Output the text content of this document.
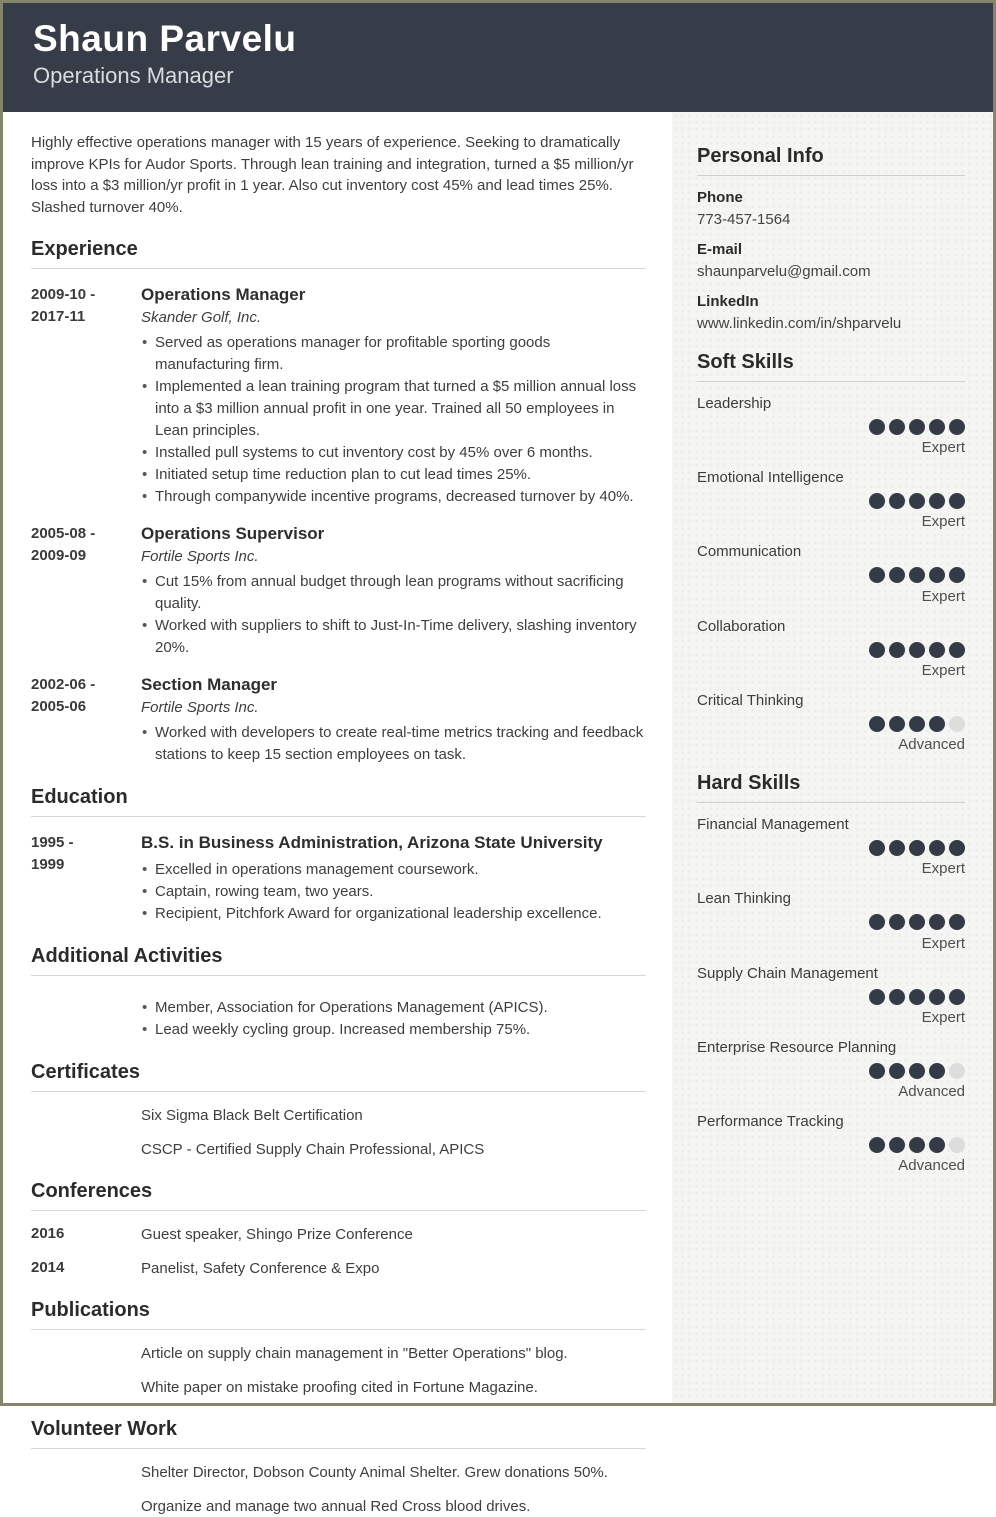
Shaun Parvelu
Operations Manager

Highly effective operations manager with 15 years of experience. Seeking to dramatically improve KPIs for Audor Sports. Through lean training and integration, turned a $5 million/yr loss into a $3 million/yr profit in 1 year. Also cut inventory cost 45% and lead times 25%. Slashed turnover 40%.

Experience
2009-10 -
2017-11
Operations Manager
Skander Golf, Inc.
• Served as operations manager for profitable sporting goods manufacturing firm.
• Implemented a lean training program that turned a $5 million annual loss into a $3 million annual profit in one year. Trained all 50 employees in Lean principles.
• Installed pull systems to cut inventory cost by 45% over 6 months.
• Initiated setup time reduction plan to cut lead times 25%.
• Through companywide incentive programs, decreased turnover by 40%.
2005-08 -
2009-09
Operations Supervisor
Fortile Sports Inc.
• Cut 15% from annual budget through lean programs without sacrificing quality.
• Worked with suppliers to shift to Just-In-Time delivery, slashing inventory 20%.
2002-06 -
2005-06
Section Manager
Fortile Sports Inc.
• Worked with developers to create real-time metrics tracking and feedback stations to keep 15 section employees on task.
Education
1995 -
1999
B.S. in Business Administration, Arizona State University
• Excelled in operations management coursework.
• Captain, rowing team, two years.
• Recipient, Pitchfork Award for organizational leadership excellence.
Additional Activities
• Member, Association for Operations Management (APICS).
• Lead weekly cycling group. Increased membership 75%.
Certificates
Six Sigma Black Belt Certification
CSCP - Certified Supply Chain Professional, APICS
Conferences
2016	Guest speaker, Shingo Prize Conference
2014	Panelist, Safety Conference & Expo
Publications
Article on supply chain management in "Better Operations" blog.
White paper on mistake proofing cited in Fortune Magazine.
Volunteer Work
Shelter Director, Dobson County Animal Shelter. Grew donations 50%.
Organize and manage two annual Red Cross blood drives.
Personal Info
Phone
773-457-1564
E-mail
shaunparvelu@gmail.com
LinkedIn
www.linkedin.com/in/shparvelu
Soft Skills
Leadership
Expert
Emotional Intelligence
Expert
Communication
Expert
Collaboration
Expert
Critical Thinking
Advanced
Hard Skills
Financial Management
Expert
Lean Thinking
Expert
Supply Chain Management
Expert
Enterprise Resource Planning
Advanced
Performance Tracking
Advanced
